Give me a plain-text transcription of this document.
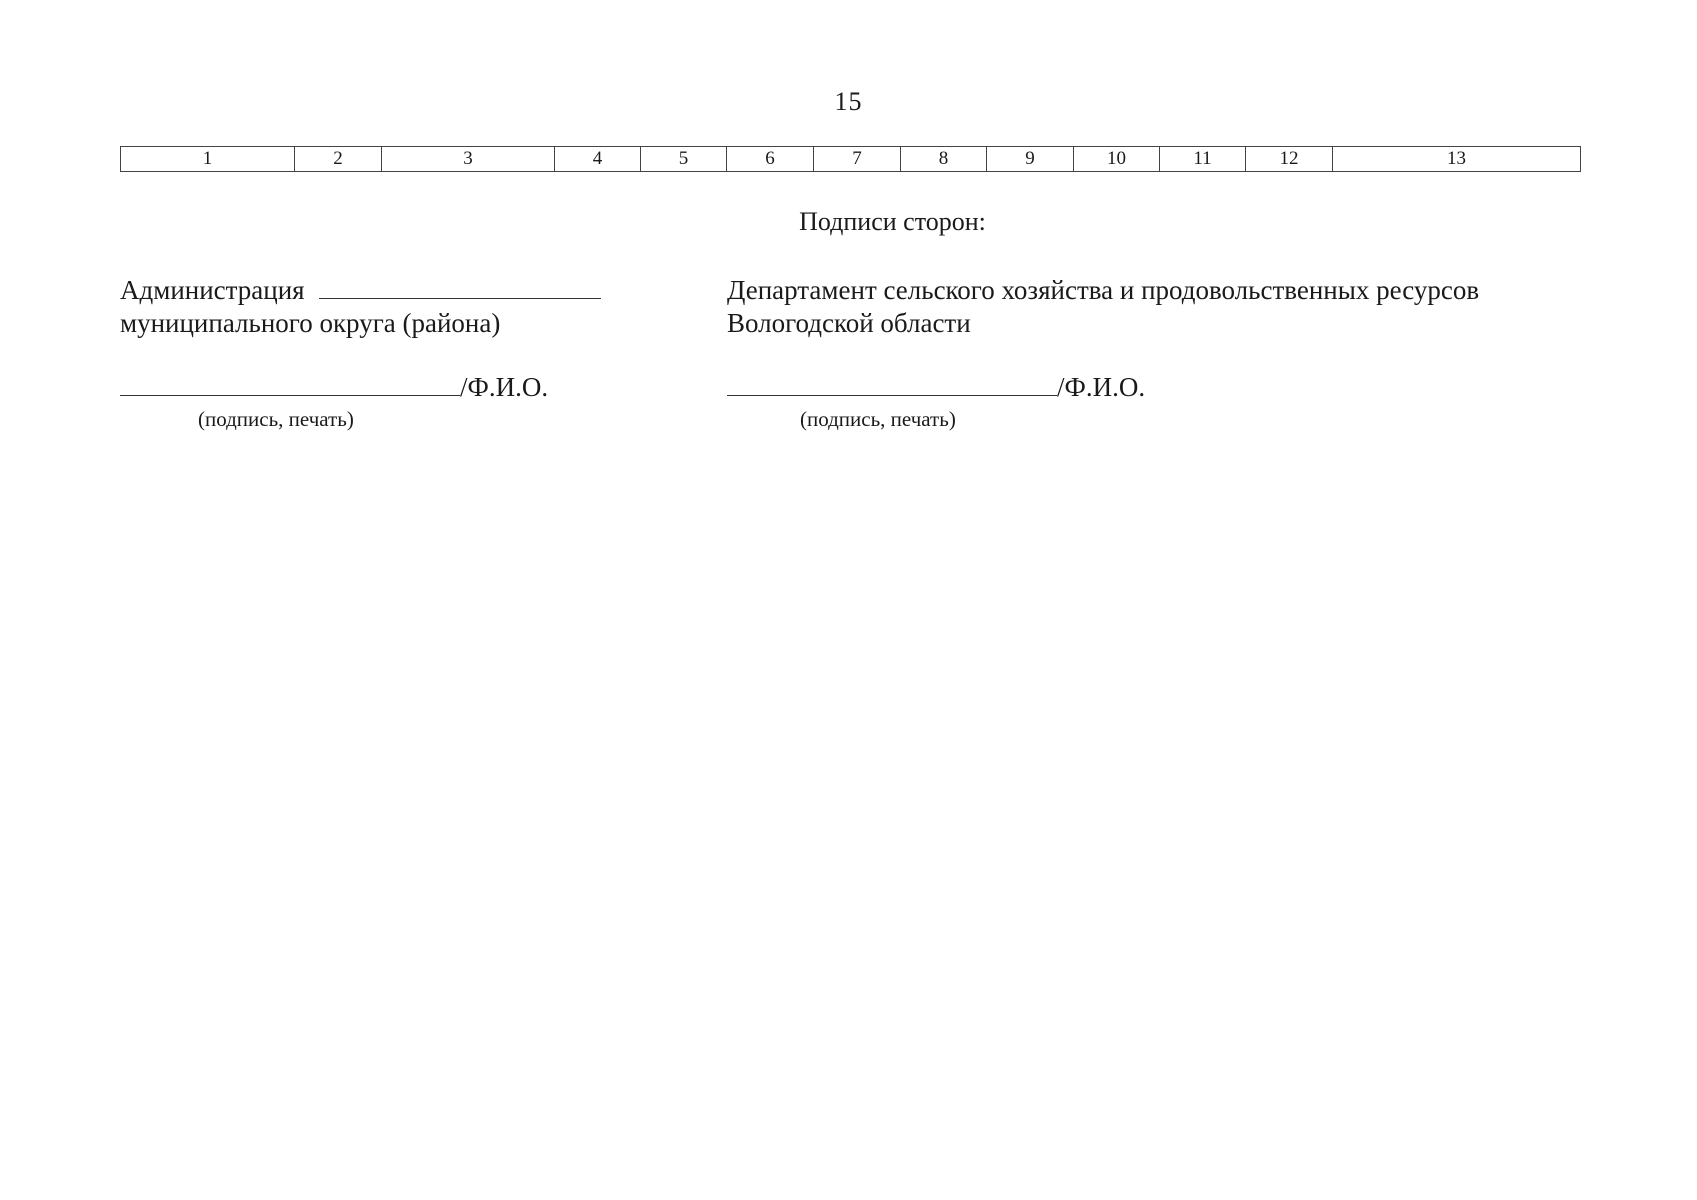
15
1	2	3	4	5	6	7	8	9	10	11	12	13
Подписи сторон:
Администрация
муниципального округа (района)
Департамент сельского хозяйства и продовольственных ресурсов
Вологодской области
/Ф.И.О.
(подпись, печать)
/Ф.И.О.
(подпись, печать)
